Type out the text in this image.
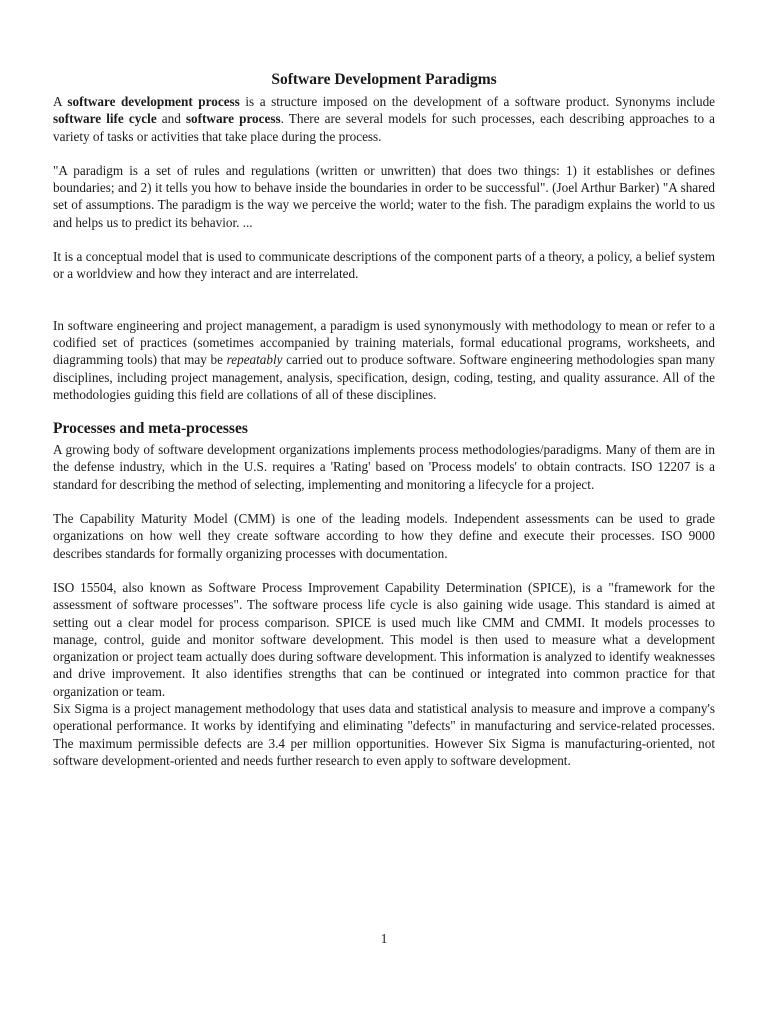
Software Development Paradigms

A software development process is a structure imposed on the development of a software product. Synonyms include software life cycle and software process. There are several models for such processes, each describing approaches to a variety of tasks or activities that take place during the process.

"A paradigm is a set of rules and regulations (written or unwritten) that does two things: 1) it establishes or defines boundaries; and 2) it tells you how to behave inside the boundaries in order to be successful". (Joel Arthur Barker) "A shared set of assumptions. The paradigm is the way we perceive the world; water to the fish. The paradigm explains the world to us and helps us to predict its behavior. ...

It is a conceptual model that is used to communicate descriptions of the component parts of a theory, a policy, a belief system or a worldview and how they interact and are interrelated.

In software engineering and project management, a paradigm is used synonymously with methodology to mean or refer to a codified set of practices (sometimes accompanied by training materials, formal educational programs, worksheets, and diagramming tools) that may be repeatably carried out to produce software. Software engineering methodologies span many disciplines, including project management, analysis, specification, design, coding, testing, and quality assurance. All of the methodologies guiding this field are collations of all of these disciplines.

Processes and meta-processes

A growing body of software development organizations implements process methodologies/paradigms. Many of them are in the defense industry, which in the U.S. requires a 'Rating' based on 'Process models' to obtain contracts. ISO 12207 is a standard for describing the method of selecting, implementing and monitoring a lifecycle for a project.

The Capability Maturity Model (CMM) is one of the leading models. Independent assessments can be used to grade organizations on how well they create software according to how they define and execute their processes. ISO 9000 describes standards for formally organizing processes with documentation.

ISO 15504, also known as Software Process Improvement Capability Determination (SPICE), is a "framework for the assessment of software processes". The software process life cycle is also gaining wide usage. This standard is aimed at setting out a clear model for process comparison. SPICE is used much like CMM and CMMI. It models processes to manage, control, guide and monitor software development. This model is then used to measure what a development organization or project team actually does during software development. This information is analyzed to identify weaknesses and drive improvement. It also identifies strengths that can be continued or integrated into common practice for that organization or team.

Six Sigma is a project management methodology that uses data and statistical analysis to measure and improve a company's operational performance. It works by identifying and eliminating "defects" in manufacturing and service-related processes. The maximum permissible defects are 3.4 per million opportunities. However Six Sigma is manufacturing-oriented, not software development-oriented and needs further research to even apply to software development.

1
